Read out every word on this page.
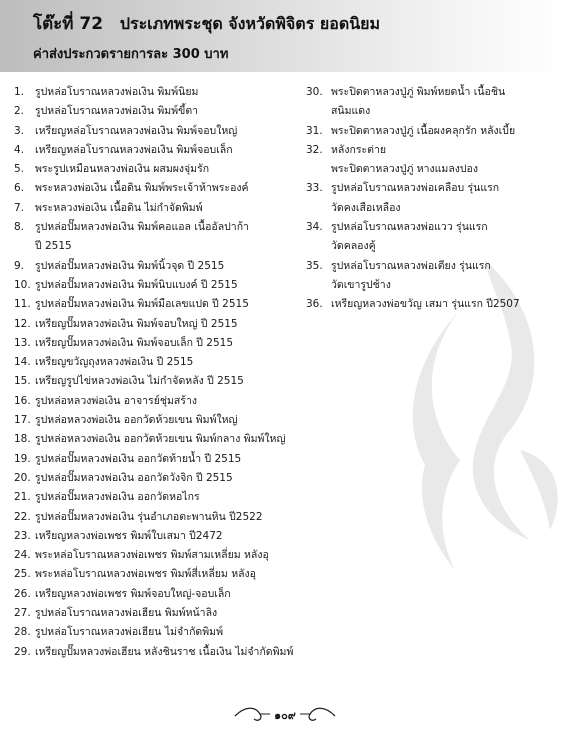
โต๊ะที่ 72 ประเภทพระชุด จังหวัดพิจิตร ยอดนิยม
ค่าส่งประกวดรายการละ 300 บาท
1. รูปหล่อโบราณหลวงพ่อเงิน พิมพ์นิยม
2. รูปหล่อโบราณหลวงพ่อเงิน พิมพ์ขี้ตา
3. เหรียญหล่อโบราณหลวงพ่อเงิน พิมพ์จอบใหญ่
4. เหรียญหล่อโบราณหลวงพ่อเงิน พิมพ์จอบเล็ก
5. พระรูปเหมือนหลวงพ่อเงิน ผสมผงจุ่มรัก
6. พระหลวงพ่อเงิน เนื้อดิน พิมพ์พระเจ้าห้าพระองค์
7. พระหลวงพ่อเงิน เนื้อดิน ไม่กำจัดพิมพ์
8. รูปหล่อปั๊มหลวงพ่อเงิน พิมพ์คอแอล เนื้ออัลปาก้า
ปี 2515
9. รูปหล่อปั๊มหลวงพ่อเงิน พิมพ์นิ้วจุด ปี 2515
10. รูปหล่อปั๊มหลวงพ่อเงิน พิมพ์นิบแบงค์ ปี 2515
11. รูปหล่อปั๊มหลวงพ่อเงิน พิมพ์มือเลขแปด ปี 2515
12. เหรียญปั๊มหลวงพ่อเงิน พิมพ์จอบใหญ่ ปี 2515
13. เหรียญปั๊มหลวงพ่อเงิน พิมพ์จอบเล็ก ปี 2515
14. เหรียญขวัญถุงหลวงพ่อเงิน ปี 2515
15. เหรียญรูปไข่หลวงพ่อเงิน ไม่กำจัดหลัง ปี 2515
16. รูปหล่อหลวงพ่อเงิน อาจารย์ชุ่มสร้าง
17. รูปหล่อหลวงพ่อเงิน ออกวัดห้วยเขน พิมพ์ใหญ่
18. รูปหล่อหลวงพ่อเงิน ออกวัดห้วยเขน พิมพ์กลาง พิมพ์ใหญ่
19. รูปหล่อปั๊มหลวงพ่อเงิน ออกวัดท้ายน้ำ ปี 2515
20. รูปหล่อปั๊มหลวงพ่อเงิน ออกวัดวังจิก ปี 2515
21. รูปหล่อปั๊มหลวงพ่อเงิน ออกวัดหอไกร
22. รูปหล่อปั๊มหลวงพ่อเงิน รุ่นอำเภอตะพานหิน ปี2522
23. เหรียญหลวงพ่อเพชร พิมพ์ใบเสมา ปี2472
24. พระหล่อโบราณหลวงพ่อเพชร พิมพ์สามเหลี่ยม หลังอุ
25. พระหล่อโบราณหลวงพ่อเพชร พิมพ์สี่เหลี่ยม หลังอุ
26. เหรียญหลวงพ่อเพชร พิมพ์จอบใหญ่-จอบเล็ก
27. รูปหล่อโบราณหลวงพ่อเฮียน พิมพ์หน้าลิง
28. รูปหล่อโบราณหลวงพ่อเฮียน ไม่จำกัดพิมพ์
29. เหรียญปั๊มหลวงพ่อเฮียน หลังชินราช เนื้อเงิน ไม่จำกัดพิมพ์
30. พระปิดตาหลวงปู่ภู่ พิมพ์หยดน้ำ เนื้อชิน
สนิมแดง
31. พระปิดตาหลวงปู่ภู่ เนื้อผงคลุกรัก หลังเบี้ย
32. หลังกระต่าย
พระปิดตาหลวงปู่ภู่ หางแมลงปอง
33. รูปหล่อโบราณหลวงพ่อเคลือบ รุ่นแรก
วัดคงเสือเหลือง
34. รูปหล่อโบราณหลวงพ่อแวว รุ่นแรก
วัดคลองคู้
35. รูปหล่อโบราณหลวงพ่อเตียง รุ่นแรก
วัดเขารูปช้าง
36. เหรียญหลวงพ่อขวัญ เสมา รุ่นแรก ปี2507
๑๐๙
